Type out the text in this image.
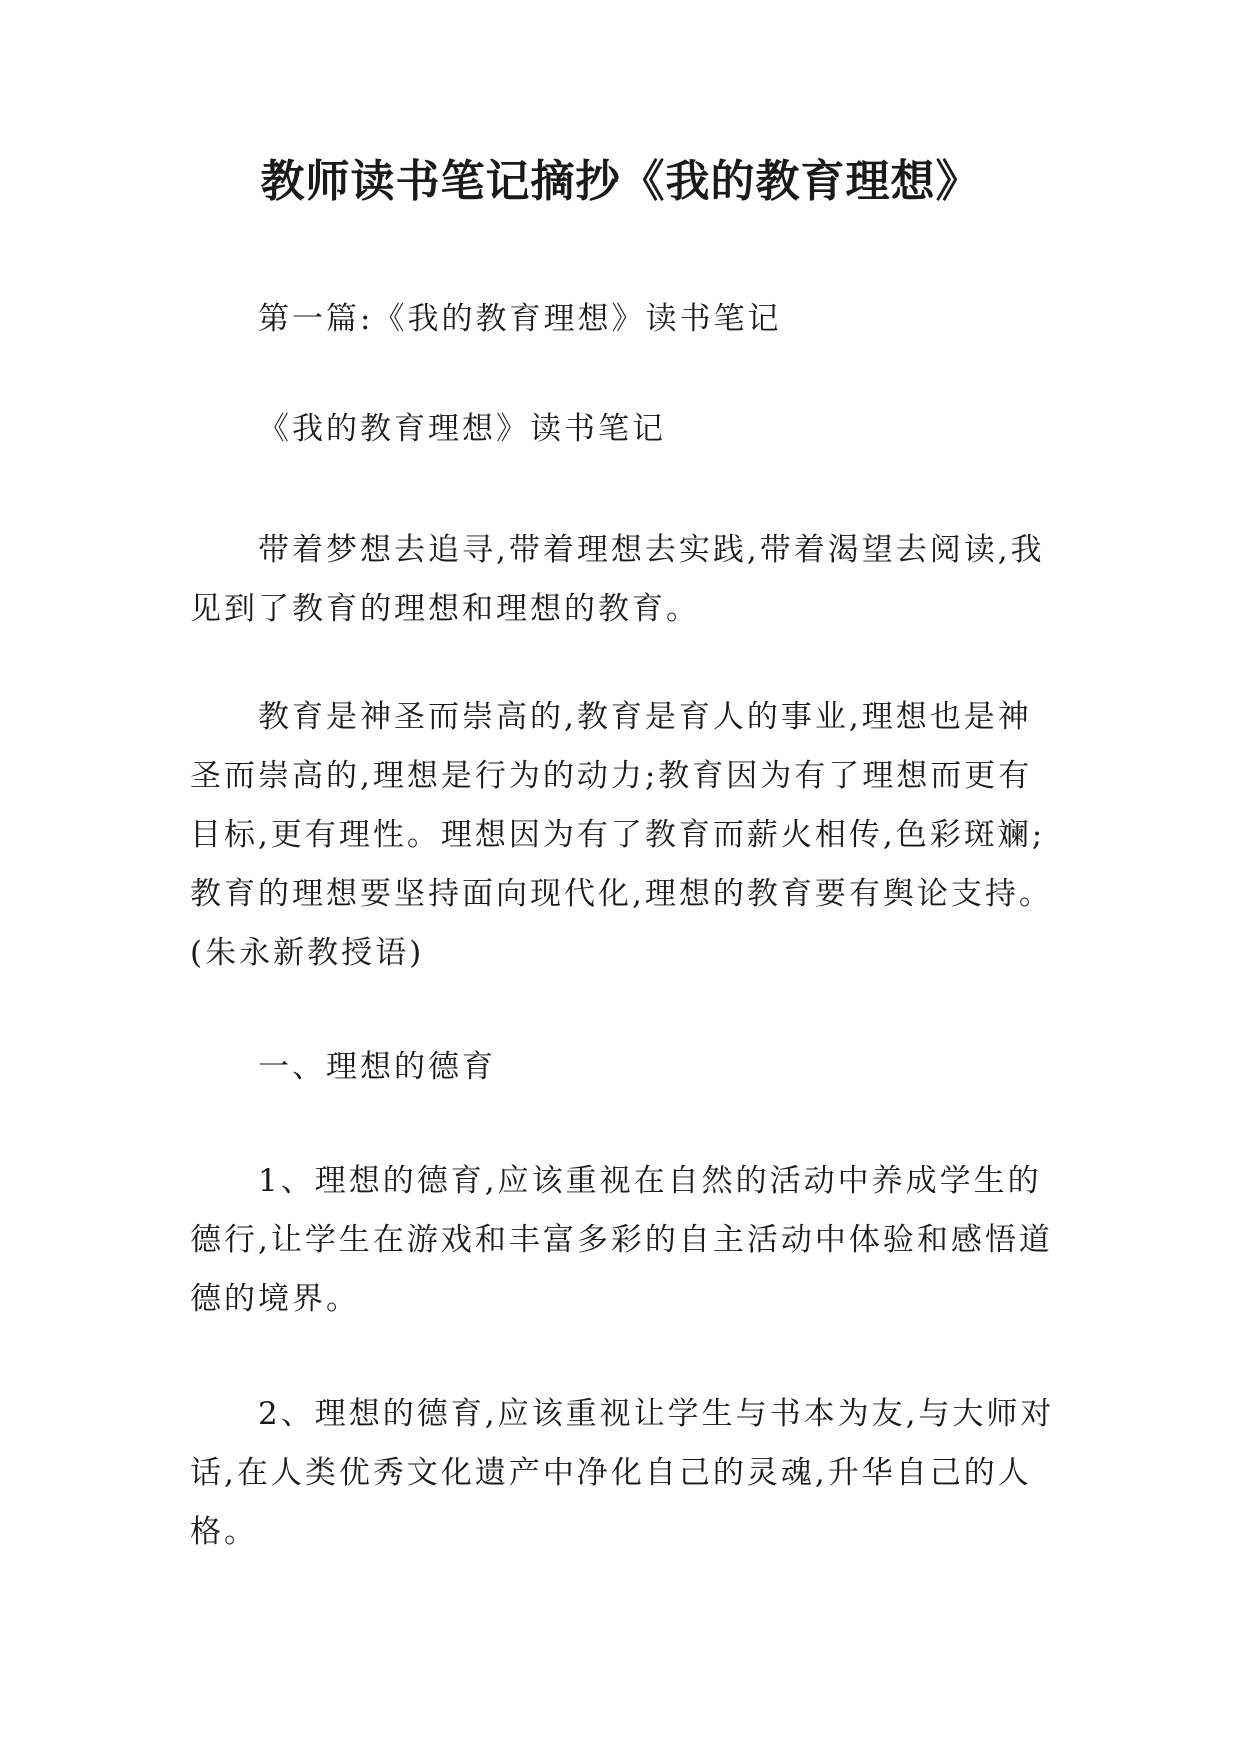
教师读书笔记摘抄《我的教育理想》

第一篇:《我的教育理想》读书笔记

《我的教育理想》读书笔记

带着梦想去追寻,带着理想去实践,带着渴望去阅读,我见到了教育的理想和理想的教育。

教育是神圣而崇高的,教育是育人的事业,理想也是神圣而崇高的,理想是行为的动力;教育因为有了理想而更有目标,更有理性。理想因为有了教育而薪火相传,色彩斑斓;教育的理想要坚持面向现代化,理想的教育要有舆论支持。(朱永新教授语)

一、理想的德育

1、理想的德育,应该重视在自然的活动中养成学生的德行,让学生在游戏和丰富多彩的自主活动中体验和感悟道德的境界。

2、理想的德育,应该重视让学生与书本为友,与大师对话,在人类优秀文化遗产中净化自己的灵魂,升华自己的人格。
